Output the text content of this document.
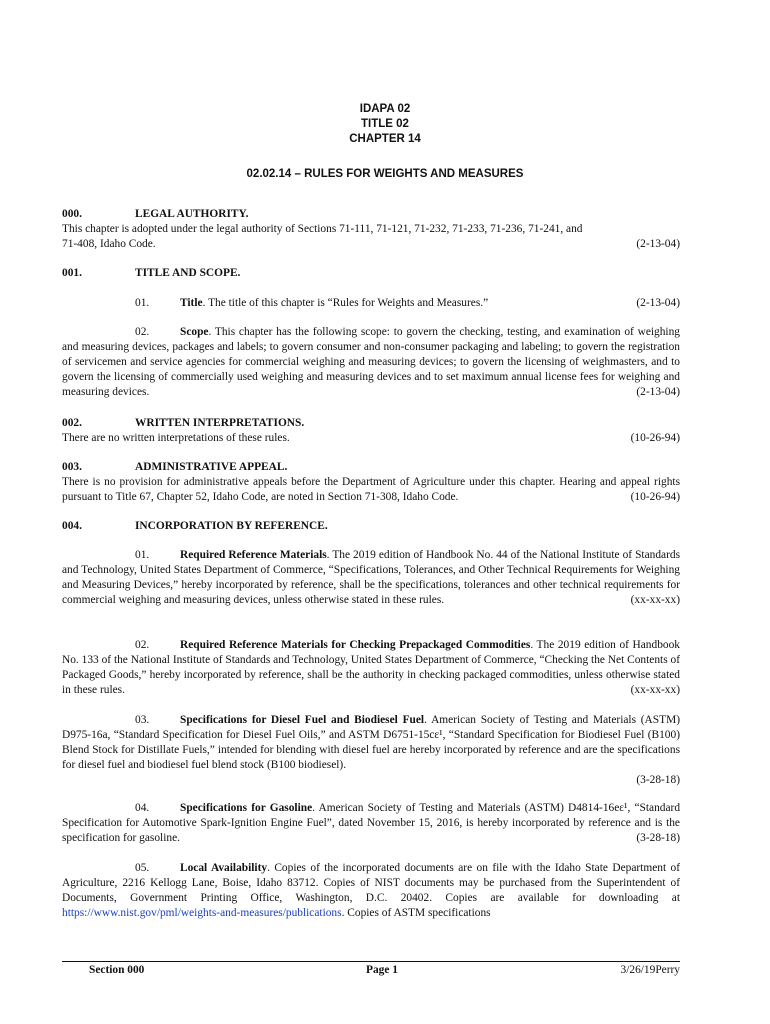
IDAPA 02
TITLE 02
CHAPTER 14
02.02.14 – RULES FOR WEIGHTS AND MEASURES
000.	LEGAL AUTHORITY.
This chapter is adopted under the legal authority of Sections 71-111, 71-121, 71-232, 71-233, 71-236, 71-241, and
71-408, Idaho Code.	(2-13-04)
001.	TITLE AND SCOPE.
01.	Title. The title of this chapter is “Rules for Weights and Measures.”	(2-13-04)
02.	Scope. This chapter has the following scope: to govern the checking, testing, and examination of weighing and measuring devices, packages and labels; to govern consumer and non-consumer packaging and labeling; to govern the registration of servicemen and service agencies for commercial weighing and measuring devices; to govern the licensing of weighmasters, and to govern the licensing of commercially used weighing and measuring devices and to set maximum annual license fees for weighing and measuring devices.	(2-13-04)
002.	WRITTEN INTERPRETATIONS.
There are no written interpretations of these rules.	(10-26-94)
003.	ADMINISTRATIVE APPEAL.
There is no provision for administrative appeals before the Department of Agriculture under this chapter. Hearing and appeal rights pursuant to Title 67, Chapter 52, Idaho Code, are noted in Section 71-308, Idaho Code.	(10-26-94)
004.	INCORPORATION BY REFERENCE.
01.	Required Reference Materials. The 2019 edition of Handbook No. 44 of the National Institute of Standards and Technology, United States Department of Commerce, “Specifications, Tolerances, and Other Technical Requirements for Weighing and Measuring Devices,” hereby incorporated by reference, shall be the specifications, tolerances and other technical requirements for commercial weighing and measuring devices, unless otherwise stated in these rules.	(xx-xx-xx)
02.	Required Reference Materials for Checking Prepackaged Commodities. The 2019 edition of Handbook No. 133 of the National Institute of Standards and Technology, United States Department of Commerce, “Checking the Net Contents of Packaged Goods,” hereby incorporated by reference, shall be the authority in checking packaged commodities, unless otherwise stated in these rules.	(xx-xx-xx)
03.	Specifications for Diesel Fuel and Biodiesel Fuel. American Society of Testing and Materials (ASTM) D975-16a, “Standard Specification for Diesel Fuel Oils,” and ASTM D6751-15cε¹, “Standard Specification for Biodiesel Fuel (B100) Blend Stock for Distillate Fuels,” intended for blending with diesel fuel are hereby incorporated by reference and are the specifications for diesel fuel and biodiesel fuel blend stock (B100 biodiesel).
(3-28-18)
04.	Specifications for Gasoline. American Society of Testing and Materials (ASTM) D4814-16eε¹, “Standard Specification for Automotive Spark-Ignition Engine Fuel”, dated November 15, 2016, is hereby incorporated by reference and is the specification for gasoline.	(3-28-18)
05.	Local Availability. Copies of the incorporated documents are on file with the Idaho State Department of Agriculture, 2216 Kellogg Lane, Boise, Idaho 83712. Copies of NIST documents may be purchased from the Superintendent of Documents, Government Printing Office, Washington, D.C. 20402. Copies are available for downloading at https://www.nist.gov/pml/weights-and-measures/publications. Copies of ASTM specifications
Section 000	Page 1	3/26/19Perry
